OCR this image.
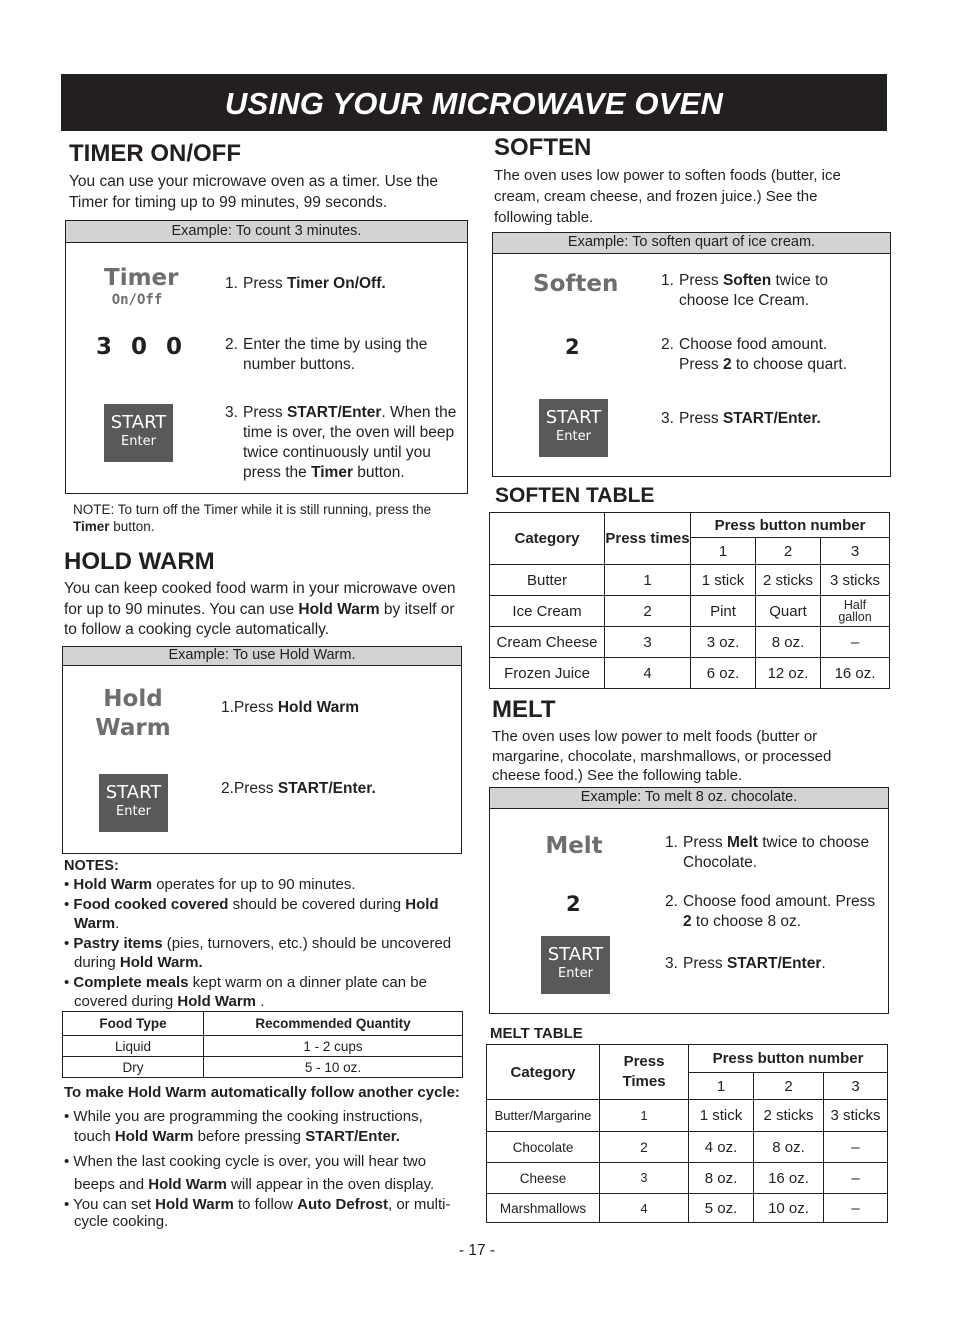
USING YOUR MICROWAVE OVEN
TIMER ON/OFF
You can use your microwave oven as a timer. Use the Timer for timing up to 99 minutes, 99 seconds.
Example: To count 3 minutes.
Timer
On/Off
3 0 0
START
Enter
1. Press Timer On/Off.
2. Enter the time by using the number buttons.
3. Press START/Enter. When the time is over, the oven will beep twice continuously until you press the Timer button.
NOTE: To turn off the Timer while it is still running, press the Timer button.
HOLD WARM
You can keep cooked food warm in your microwave oven for up to 90 minutes. You can use Hold Warm by itself or to follow a cooking cycle automatically.
Example: To use Hold Warm.
Hold
Warm
START
Enter
1.Press Hold Warm
2.Press START/Enter.
NOTES:
• Hold Warm operates for up to 90 minutes.
• Food cooked covered should be covered during Hold Warm.
• Pastry items (pies, turnovers, etc.) should be uncovered during Hold Warm.
• Complete meals kept warm on a dinner plate can be covered during Hold Warm .
Food Type	Recommended Quantity
Liquid	1 - 2 cups
Dry	5 - 10 oz.
To make Hold Warm automatically follow another cycle:
• While you are programming the cooking instructions, touch Hold Warm before pressing START/Enter.
• When the last cooking cycle is over, you will hear two beeps and Hold Warm will appear in the oven display.
• You can set Hold Warm to follow Auto Defrost, or multi-cycle cooking.
SOFTEN
The oven uses low power to soften foods (butter, ice cream, cream cheese, and frozen juice.) See the following table.
Example: To soften quart of ice cream.
Soften
2
START
Enter
1. Press Soften twice to choose Ice Cream.
2. Choose food amount. Press 2 to choose quart.
3. Press START/Enter.
SOFTEN TABLE
Category	Press times	Press button number		
		1	2	3
Butter	1	1 stick	2 sticks	3 sticks
Ice Cream	2	Pint	Quart	Half gallon
Cream Cheese	3	3 oz.	8 oz.	–
Frozen Juice	4	6 oz.	12 oz.	16 oz.
MELT
The oven uses low power to melt foods (butter or margarine, chocolate, marshmallows, or processed cheese food.) See the following table.
Example: To melt 8 oz. chocolate.
Melt
2
START
Enter
1. Press Melt twice to choose Chocolate.
2. Choose food amount. Press 2 to choose 8 oz.
3. Press START/Enter.
MELT TABLE
Category	Press Times	Press button number		
		1	2	3
Butter/Margarine	1	1 stick	2 sticks	3 sticks
Chocolate	2	4 oz.	8 oz.	–
Cheese	3	8 oz.	16 oz.	–
Marshmallows	4	5 oz.	10 oz.	–
- 17 -
